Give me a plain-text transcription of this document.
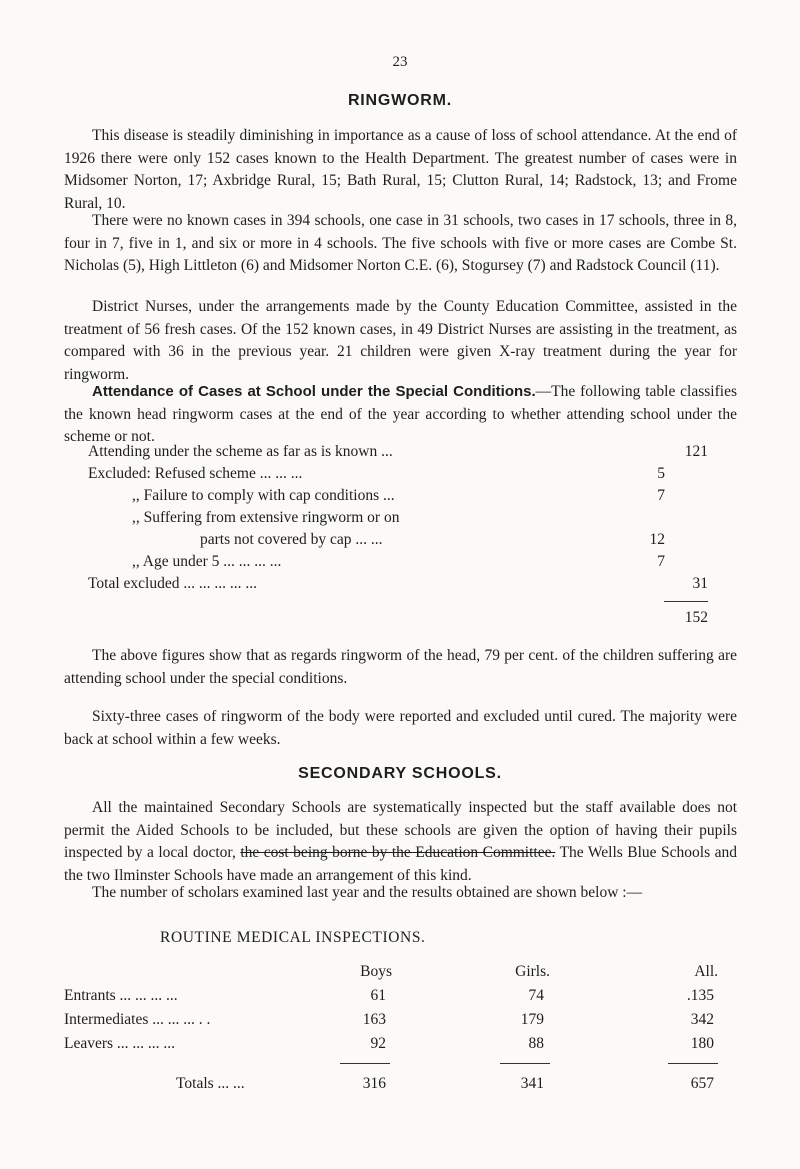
23
RINGWORM.

This disease is steadily diminishing in importance as a cause of loss of school attendance. At the end of 1926 there were only 152 cases known to the Health Department. The greatest number of cases were in Midsomer Norton, 17; Axbridge Rural, 15; Bath Rural, 15; Clutton Rural, 14; Radstock, 13; and Frome Rural, 10.

There were no known cases in 394 schools, one case in 31 schools, two cases in 17 schools, three in 8, four in 7, five in 1, and six or more in 4 schools. The five schools with five or more cases are Combe St. Nicholas (5), High Littleton (6) and Midsomer Norton C.E. (6), Stogursey (7) and Radstock Council (11).

District Nurses, under the arrangements made by the County Education Committee, assisted in the treatment of 56 fresh cases. Of the 152 known cases, in 49 District Nurses are assisting in the treatment, as compared with 36 in the previous year. 21 children were given X-ray treatment during the year for ringworm.

Attendance of Cases at School under the Special Conditions.—The following table classifies the known head ringworm cases at the end of the year according to whether attending school under the scheme or not.

Attending under the scheme as far as is known ...	121
Excluded: Refused scheme ... ... ...	5
,, Failure to comply with cap conditions ...	7
,, Suffering from extensive ringworm or on
parts not covered by cap ... ...	12
,, Age under 5 ... ... ... ...	7
Total excluded ... ... ... ... ...	31
152

The above figures show that as regards ringworm of the head, 79 per cent. of the children suffering are attending school under the special conditions.

Sixty-three cases of ringworm of the body were reported and excluded until cured. The majority were back at school within a few weeks.

SECONDARY SCHOOLS.

All the maintained Secondary Schools are systematically inspected but the staff available does not permit the Aided Schools to be included, but these schools are given the option of having their pupils inspected by a local doctor, the cost being borne by the Education Committee. The Wells Blue Schools and the two Ilminster Schools have made an arrangement of this kind.

The number of scholars examined last year and the results obtained are shown below :—

ROUTINE MEDICAL INSPECTIONS.
Boys	Girls.	All.
Entrants ... ... ... ...	61	74	.135
Intermediates ... ... ... . .	163	179	342
Leavers ... ... ... ...	92	88	180
Totals ... ...	316	341	657
